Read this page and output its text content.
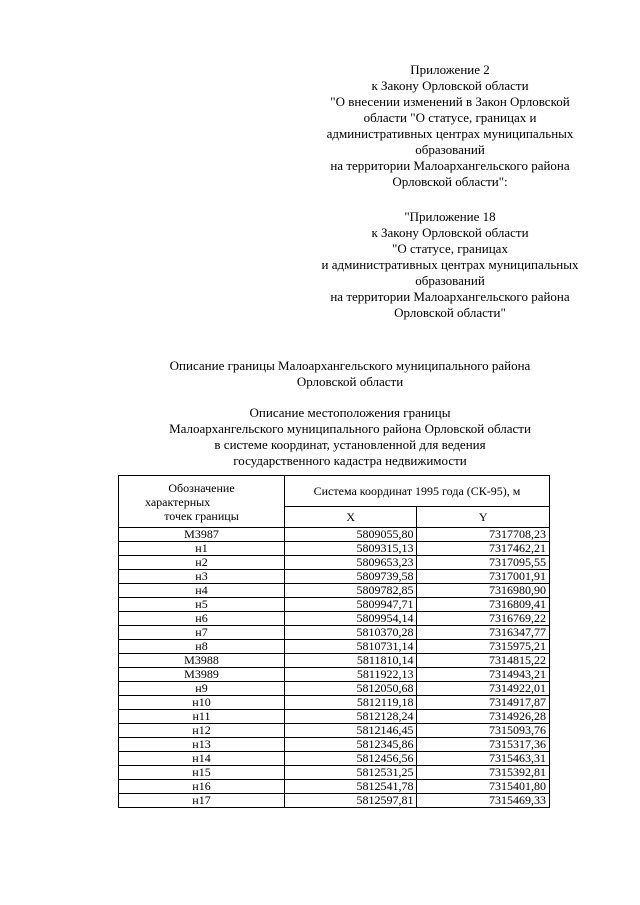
Приложение 2
к Закону Орловской области
"О внесении изменений в Закон Орловской
области "О статусе, границах и
административных центрах муниципальных
образований
на территории Малоархангельского района
Орловской области":
"Приложение 18
к Закону Орловской области
"О статусе, границах
и административных центрах муниципальных
образований
на территории Малоархангельского района
Орловской области"
Описание границы Малоархангельского муниципального района
Орловской области
Описание местоположения границы
Малоархангельского муниципального района Орловской области
в системе координат, установленной для ведения
государственного кадастра недвижимости
Обозначение
характерных
точек границы	Система координат 1995 года (СК-95), м	
	X	Y
М3987	5809055,80	7317708,23
н1	5809315,13	7317462,21
н2	5809653,23	7317095,55
н3	5809739,58	7317001,91
н4	5809782,85	7316980,90
н5	5809947,71	7316809,41
н6	5809954,14	7316769,22
н7	5810370,28	7316347,77
н8	5810731,14	7315975,21
М3988	5811810,14	7314815,22
М3989	5811922,13	7314943,21
н9	5812050,68	7314922,01
н10	5812119,18	7314917,87
н11	5812128,24	7314926,28
н12	5812146,45	7315093,76
н13	5812345,86	7315317,36
н14	5812456,56	7315463,31
н15	5812531,25	7315392,81
н16	5812541,78	7315401,80
н17	5812597,81	7315469,33
